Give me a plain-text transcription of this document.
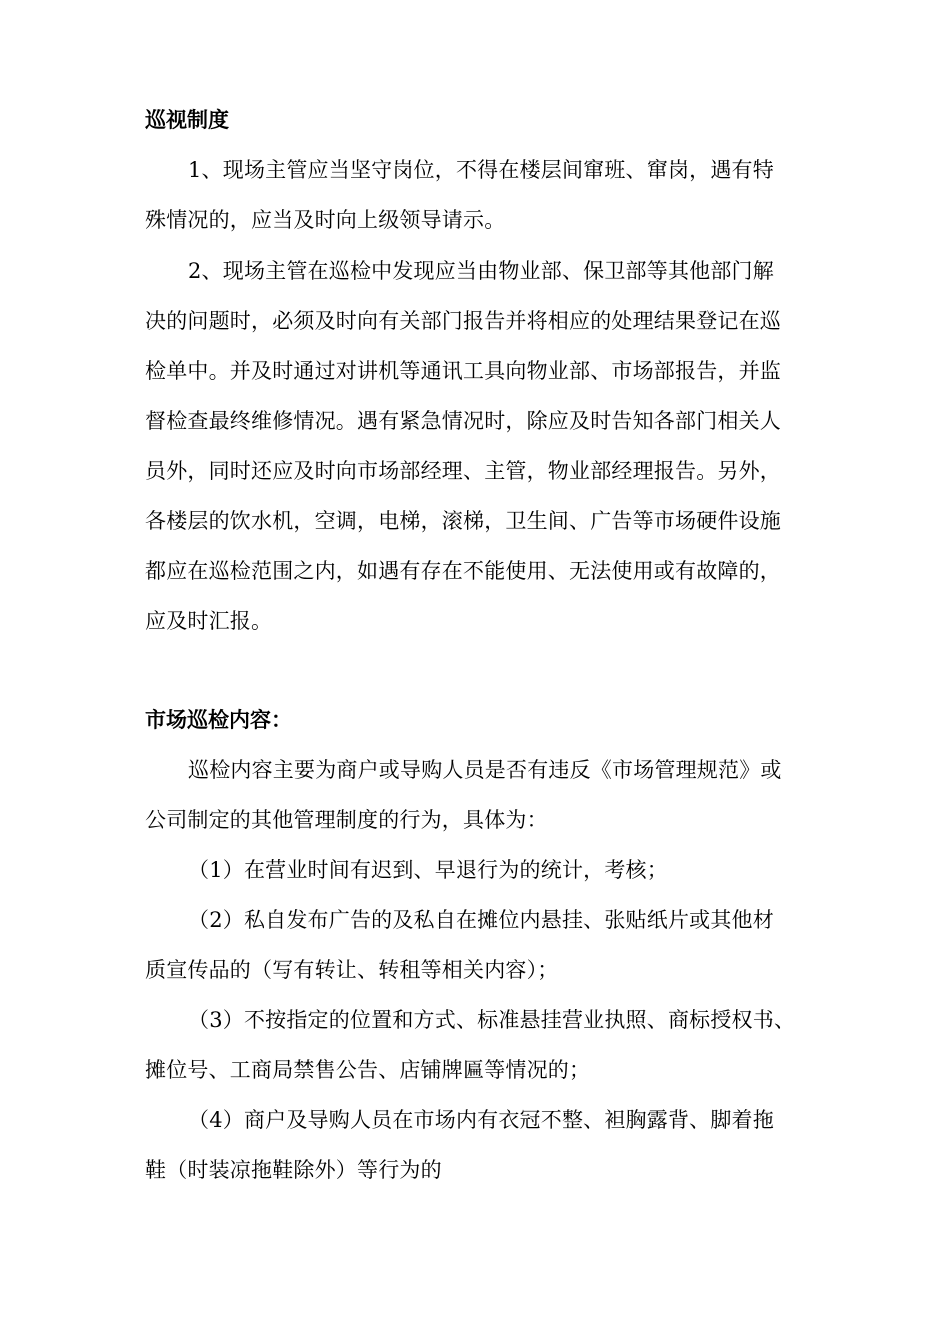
巡视制度

1、现场主管应当坚守岗位，不得在楼层间窜班、窜岗，遇有特

殊情况的，应当及时向上级领导请示。

2、现场主管在巡检中发现应当由物业部、保卫部等其他部门解

决的问题时，必须及时向有关部门报告并将相应的处理结果登记在巡

检单中。并及时通过对讲机等通讯工具向物业部、市场部报告，并监

督检查最终维修情况。遇有紧急情况时，除应及时告知各部门相关人

员外，同时还应及时向市场部经理、主管，物业部经理报告。另外，

各楼层的饮水机，空调，电梯，滚梯，卫生间、广告等市场硬件设施

都应在巡检范围之内，如遇有存在不能使用、无法使用或有故障的，

应及时汇报。

市场巡检内容：

巡检内容主要为商户或导购人员是否有违反《市场管理规范》或

公司制定的其他管理制度的行为，具体为：

（1）在营业时间有迟到、早退行为的统计，考核；

（2）私自发布广告的及私自在摊位内悬挂、张贴纸片或其他材

质宣传品的（写有转让、转租等相关内容）；

（3）不按指定的位置和方式、标准悬挂营业执照、商标授权书、

摊位号、工商局禁售公告、店铺牌匾等情况的；

（4）商户及导购人员在市场内有衣冠不整、袒胸露背、脚着拖

鞋（时装凉拖鞋除外）等行为的
